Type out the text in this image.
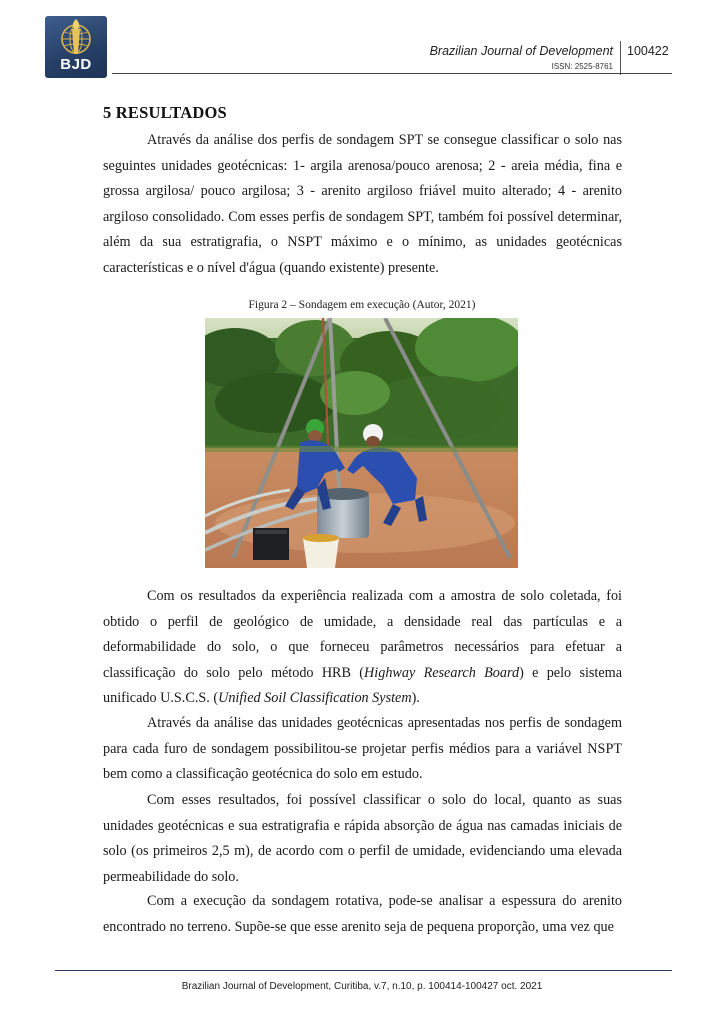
BJD
Brazilian Journal of Development
ISSN: 2525-8761
100422
5 RESULTADOS
Através da análise dos perfis de sondagem SPT se consegue classificar o solo nas seguintes unidades geotécnicas: 1- argila arenosa/pouco arenosa; 2 - areia média, fina e grossa argilosa/ pouco argilosa; 3 - arenito argiloso friável muito alterado; 4 - arenito argiloso consolidado. Com esses perfis de sondagem SPT, também foi possível determinar, além da sua estratigrafia, o NSPT máximo e o mínimo, as unidades geotécnicas características e o nível d'água (quando existente) presente.
Figura 2 – Sondagem em execução (Autor, 2021)
Com os resultados da experiência realizada com a amostra de solo coletada, foi obtido o perfil de geológico de umidade, a densidade real das partículas e a deformabilidade do solo, o que forneceu parâmetros necessários para efetuar a classificação do solo pelo método HRB (Highway Research Board) e pelo sistema unificado U.S.C.S. (Unified Soil Classification System).
Através da análise das unidades geotécnicas apresentadas nos perfis de sondagem para cada furo de sondagem possibilitou-se projetar perfis médios para a variável NSPT bem como a classificação geotécnica do solo em estudo.
Com esses resultados, foi possível classificar o solo do local, quanto as suas unidades geotécnicas e sua estratigrafia e rápida absorção de água nas camadas iniciais de solo (os primeiros 2,5 m), de acordo com o perfil de umidade, evidenciando uma elevada permeabilidade do solo.
Com a execução da sondagem rotativa, pode-se analisar a espessura do arenito encontrado no terreno. Supõe-se que esse arenito seja de pequena proporção, uma vez que
Brazilian Journal of Development, Curitiba, v.7, n.10, p. 100414-100427 oct. 2021
